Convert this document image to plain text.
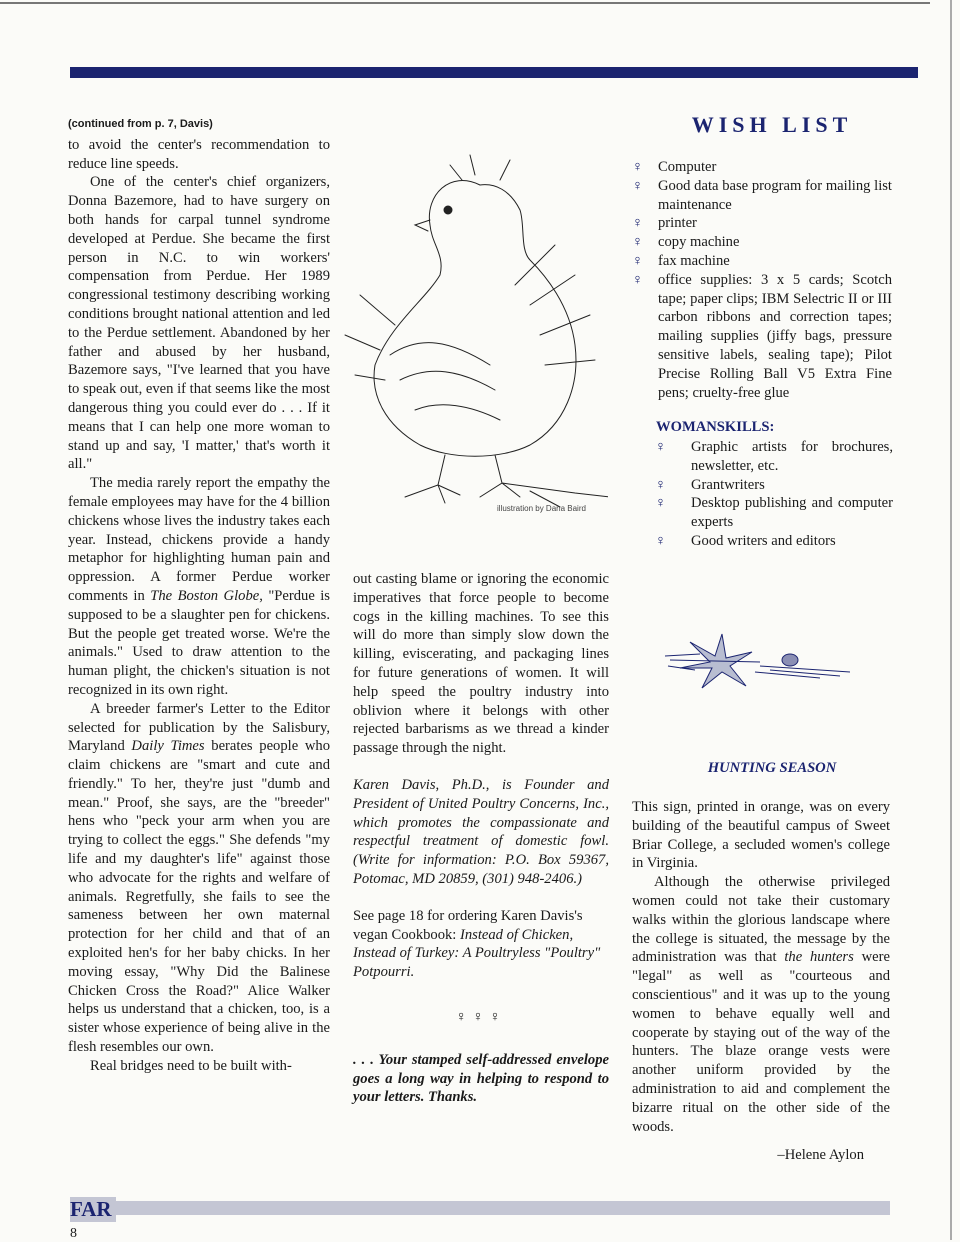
(continued from p. 7, Davis)

to avoid the center's recommendation to reduce line speeds.

One of the center's chief organizers, Donna Bazemore, had to have surgery on both hands for carpal tunnel syndrome developed at Perdue. She became the first person in N.C. to win workers' compensation from Perdue. Her 1989 congressional testimony describing working conditions brought national attention and led to the Perdue settlement. Abandoned by her father and abused by her husband, Bazemore says, "I've learned that you have to speak out, even if that seems like the most dangerous thing you could ever do . . . If it means that I can help one more woman to stand up and say, 'I matter,' that's worth it all."

The media rarely report the empathy the female employees may have for the 4 billion chickens whose lives the industry takes each year. Instead, chickens provide a handy metaphor for highlighting human pain and oppression. A former Perdue worker comments in The Boston Globe, "Perdue is supposed to be a slaughter pen for chickens. But the people get treated worse. We're the animals." Used to draw attention to the human plight, the chicken's situation is not recognized in its own right.

A breeder farmer's Letter to the Editor selected for publication by the Salisbury, Maryland Daily Times berates people who claim chickens are "smart and cute and friendly." To her, they're just "dumb and mean." Proof, she says, are the "breeder" hens who "peck your arm when you are trying to collect the eggs." She defends "my life and my daughter's life" against those who advocate for the rights and welfare of animals. Regretfully, she fails to see the sameness between her own maternal protection for her child and that of an exploited hen's for her baby chicks. In her moving essay, "Why Did the Balinese Chicken Cross the Road?" Alice Walker helps us understand that a chicken, too, is a sister whose experience of being alive in the flesh resembles our own.

Real bridges need to be built with-

illustration by Dana Baird

out casting blame or ignoring the economic imperatives that force people to become cogs in the killing machines. To see this will do more than simply slow down the killing, eviscerating, and packaging lines for future generations of women. It will help speed the poultry industry into oblivion where it belongs with other rejected barbarisms as we thread a kinder passage through the night.

Karen Davis, Ph.D., is Founder and President of United Poultry Concerns, Inc., which promotes the compassionate and respectful treatment of domestic fowl. (Write for information: P.O. Box 59367, Potomac, MD 20859, (301) 948-2406.)

See page 18 for ordering Karen Davis's vegan Cookbook: Instead of Chicken, Instead of Turkey: A Poultryless "Poultry" Potpourri.

♀♀♀

. . . Your stamped self-addressed envelope goes a long way in helping to respond to your letters. Thanks.

WISH LIST
♀ Computer
♀ Good data base program for mailing list maintenance
♀ printer
♀ copy machine
♀ fax machine
♀ office supplies: 3 x 5 cards; Scotch tape; paper clips; IBM Selectric II or III carbon ribbons and correction tapes; mailing supplies (jiffy bags, pressure sensitive labels, sealing tape); Pilot Precise Rolling Ball V5 Extra Fine pens; cruelty-free glue
WOMANSKILLS:
♀ Graphic artists for brochures, newsletter, etc.
♀ Grantwriters
♀ Desktop publishing and computer experts
♀ Good writers and editors
HUNTING SEASON

This sign, printed in orange, was on every building of the beautiful campus of Sweet Briar College, a secluded women's college in Virginia.

Although the otherwise privileged women could not take their customary walks within the glorious landscape where the college is situated, the message by the administration was that the hunters were "legal" as well as "courteous and conscientious" and it was up to the young women to behave equally well and cooperate by staying out of the way of the hunters. The blaze orange vests were another uniform provided by the administration to aid and complement the bizarre ritual on the other side of the woods.

–Helene Aylon

FAR
8
